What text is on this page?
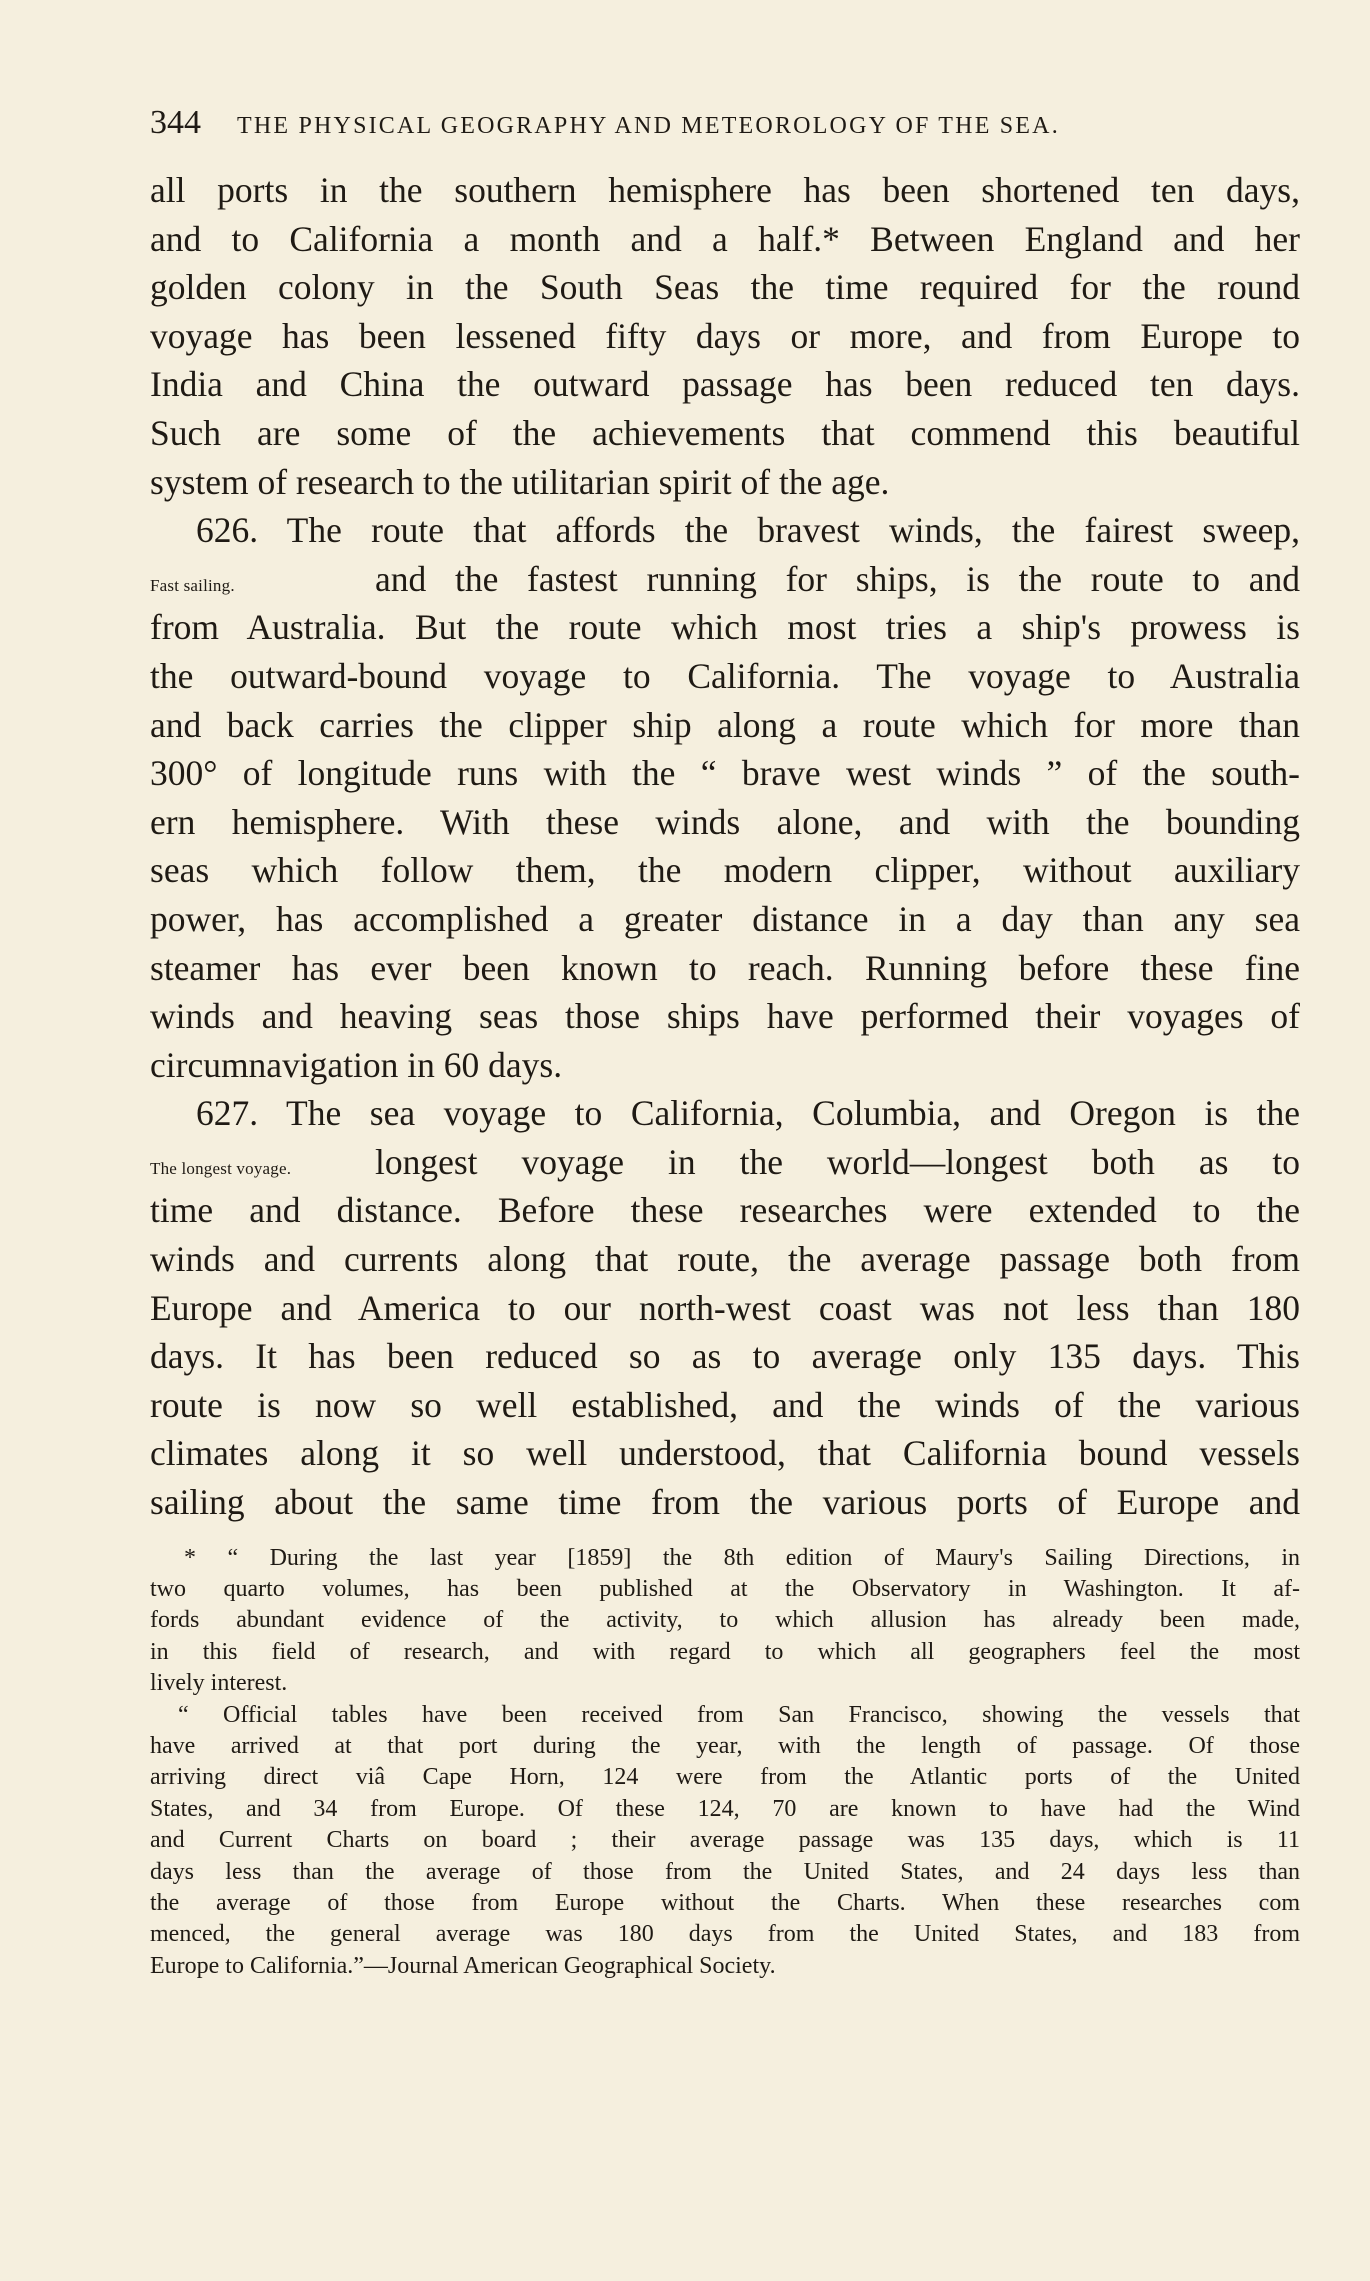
344 THE PHYSICAL GEOGRAPHY AND METEOROLOGY OF THE SEA.
all ports in the southern hemisphere has been shortened ten days,
and to California a month and a half.* Between England and her
golden colony in the South Seas the time required for the round
voyage has been lessened fifty days or more, and from Europe to
India and China the outward passage has been reduced ten days.
Such are some of the achievements that commend this beautiful
system of research to the utilitarian spirit of the age.
626. The route that affords the bravest winds, the fairest sweep,
Fast sailing.	and the fastest running for ships, is the route to and
from Australia. But the route which most tries a ship's prowess is
the outward-bound voyage to California. The voyage to Australia
and back carries the clipper ship along a route which for more than
300° of longitude runs with the “ brave west winds ” of the south-
ern hemisphere. With these winds alone, and with the bounding
seas which follow them, the modern clipper, without auxiliary
power, has accomplished a greater distance in a day than any sea
steamer has ever been known to reach. Running before these fine
winds and heaving seas those ships have performed their voyages of
circumnavigation in 60 days.
627. The sea voyage to California, Columbia, and Oregon is the
The longest voyage.	longest voyage in the world—longest both as to
time and distance. Before these researches were extended to the
winds and currents along that route, the average passage both from
Europe and America to our north-west coast was not less than 180
days. It has been reduced so as to average only 135 days. This
route is now so well established, and the winds of the various
climates along it so well understood, that California bound vessels
sailing about the same time from the various ports of Europe and
* “ During the last year [1859] the 8th edition of Maury's Sailing Directions, in
two quarto volumes, has been published at the Observatory in Washington. It af-
fords abundant evidence of the activity, to which allusion has already been made,
in this field of research, and with regard to which all geographers feel the most
lively interest.
“ Official tables have been received from San Francisco, showing the vessels that
have arrived at that port during the year, with the length of passage. Of those
arriving direct viâ Cape Horn, 124 were from the Atlantic ports of the United
States, and 34 from Europe. Of these 124, 70 are known to have had the Wind
and Current Charts on board ; their average passage was 135 days, which is 11
days less than the average of those from the United States, and 24 days less than
the average of those from Europe without the Charts. When these researches com
menced, the general average was 180 days from the United States, and 183 from
Europe to California.”—Journal American Geographical Society.
